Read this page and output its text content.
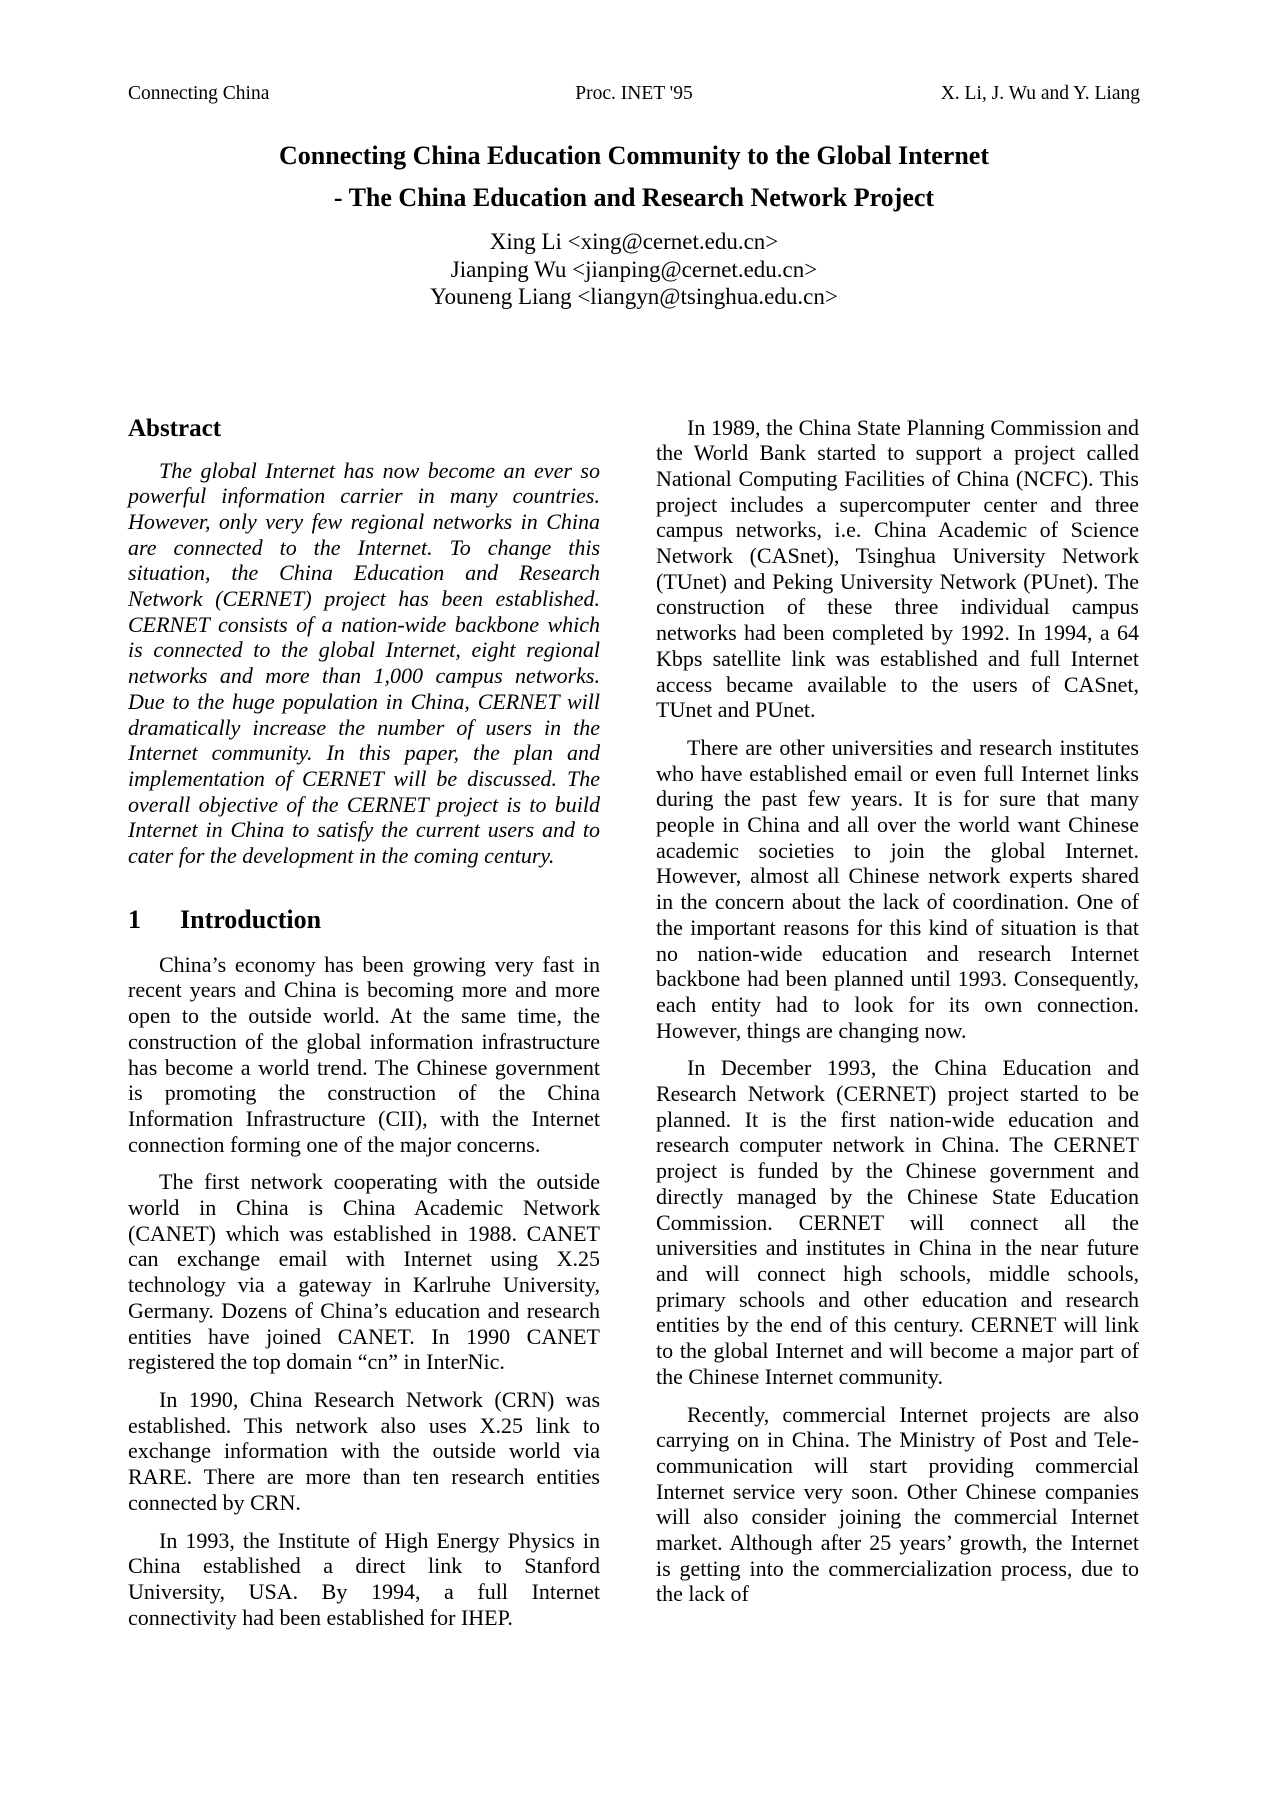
Connecting China	Proc. INET '95	X. Li, J. Wu and Y. Liang
Connecting China Education Community to the Global Internet
- The China Education and Research Network Project
Xing Li <xing@cernet.edu.cn>
Jianping Wu <jianping@cernet.edu.cn>
Youneng Liang <liangyn@tsinghua.edu.cn>
Abstract

The global Internet has now become an ever so powerful information carrier in many countries. However, only very few regional networks in China are connected to the Internet. To change this situation, the China Education and Research Network (CERNET) project has been established. CERNET consists of a nation-wide backbone which is connected to the global Internet, eight regional networks and more than 1,000 campus networks. Due to the huge population in China, CERNET will dramatically increase the number of users in the Internet community. In this paper, the plan and implementation of CERNET will be discussed. The overall objective of the CERNET project is to build Internet in China to satisfy the current users and to cater for the development in the coming century.

1	Introduction

China’s economy has been growing very fast in recent years and China is becoming more and more open to the outside world. At the same time, the construction of the global information infrastructure has become a world trend. The Chinese government is promoting the construction of the China Information Infrastructure (CII), with the Internet connection forming one of the major concerns.

The first network cooperating with the outside world in China is China Academic Network (CANET) which was established in 1988. CANET can exchange email with Internet using X.25 technology via a gateway in Karlruhe University, Germany. Dozens of China’s education and research entities have joined CANET. In 1990 CANET registered the top domain “cn” in InterNic.

In 1990, China Research Network (CRN) was established. This network also uses X.25 link to exchange information with the outside world via RARE. There are more than ten research entities connected by CRN.

In 1993, the Institute of High Energy Physics in China established a direct link to Stanford University, USA. By 1994, a full Internet connectivity had been established for IHEP.

In 1989, the China State Planning Commission and the World Bank started to support a project called National Computing Facilities of China (NCFC). This project includes a supercomputer center and three campus networks, i.e. China Academic of Science Network (CASnet), Tsinghua University Network (TUnet) and Peking University Network (PUnet). The construction of these three individual campus networks had been completed by 1992. In 1994, a 64 Kbps satellite link was established and full Internet access became available to the users of CASnet, TUnet and PUnet.

There are other universities and research institutes who have established email or even full Internet links during the past few years. It is for sure that many people in China and all over the world want Chinese academic societies to join the global Internet. However, almost all Chinese network experts shared in the concern about the lack of coordination. One of the important reasons for this kind of situation is that no nation-wide education and research Internet backbone had been planned until 1993. Consequently, each entity had to look for its own connection. However, things are changing now.

In December 1993, the China Education and Research Network (CERNET) project started to be planned. It is the first nation-wide education and research computer network in China. The CERNET project is funded by the Chinese government and directly managed by the Chinese State Education Commission. CERNET will connect all the universities and institutes in China in the near future and will connect high schools, middle schools, primary schools and other education and research entities by the end of this century. CERNET will link to the global Internet and will become a major part of the Chinese Internet community.

Recently, commercial Internet projects are also carrying on in China. The Ministry of Post and Tele-communication will start providing commercial Internet service very soon. Other Chinese companies will also consider joining the commercial Internet market. Although after 25 years’ growth, the Internet is getting into the commercialization process, due to the lack of
